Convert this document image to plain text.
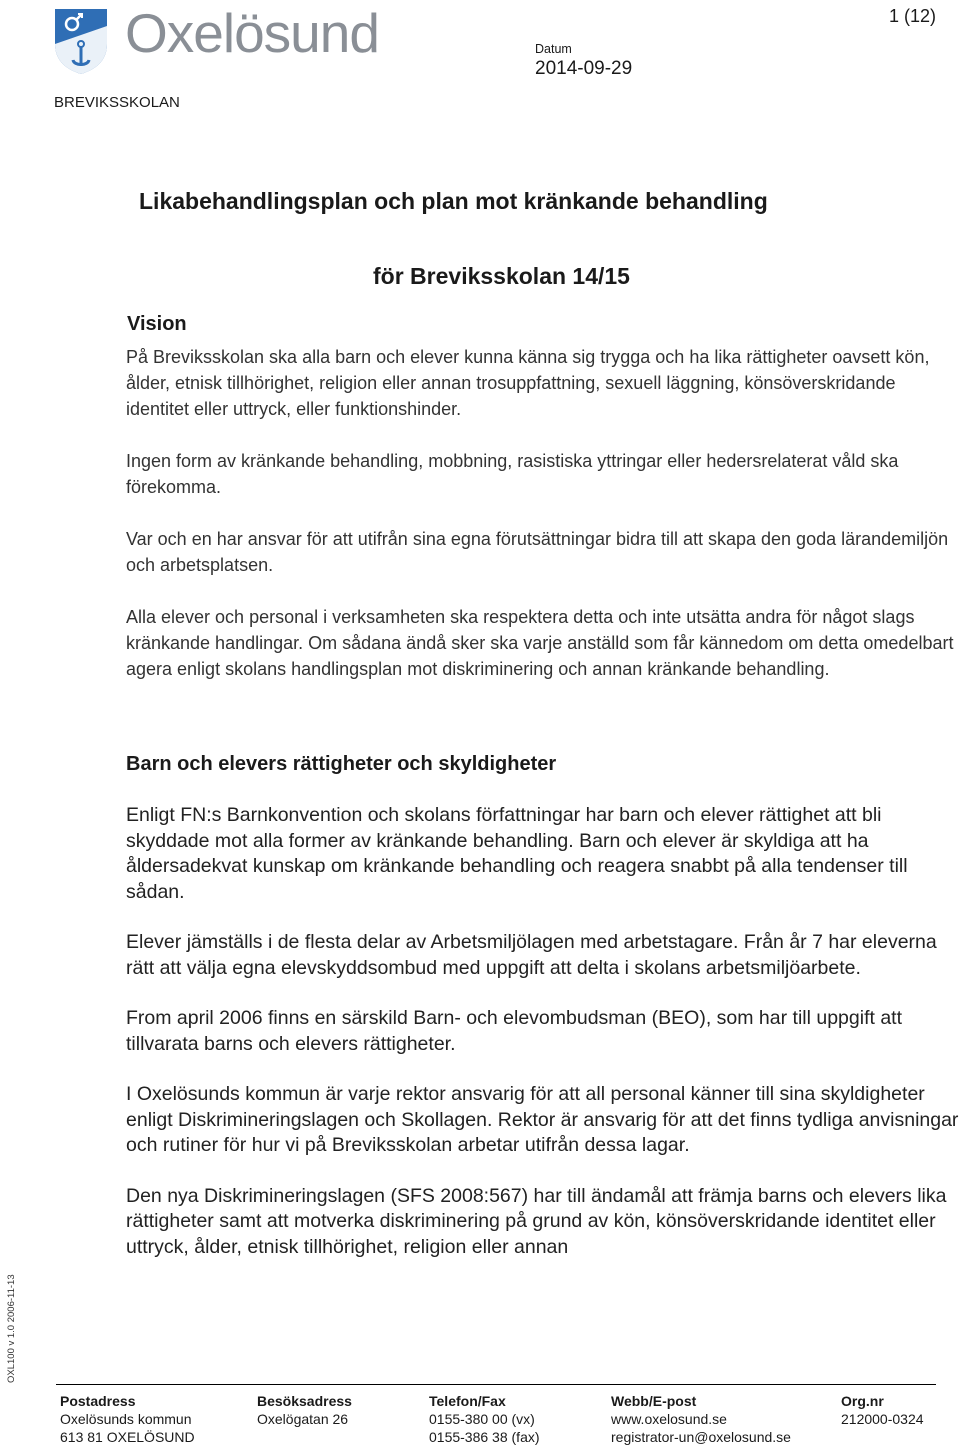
Oxelösund
BREVIKSSKOLAN
Datum
2014-09-29
1 (12)
Likabehandlingsplan och plan mot kränkande behandling
för Breviksskolan 14/15
Vision

På Breviksskolan ska alla barn och elever kunna känna sig trygga och ha lika rättigheter oavsett kön, ålder, etnisk tillhörighet, religion eller annan trosuppfattning, sexuell läggning, könsöverskridande identitet eller uttryck, eller funktionshinder.

Ingen form av kränkande behandling, mobbning, rasistiska yttringar eller hedersrelaterat våld ska förekomma.

Var och en har ansvar för att utifrån sina egna förutsättningar bidra till att skapa den goda lärandemiljön och arbetsplatsen.

Alla elever och personal i verksamheten ska respektera detta och inte utsätta andra för något slags kränkande handlingar. Om sådana ändå sker ska varje anställd som får kännedom om detta omedelbart agera enligt skolans handlingsplan mot diskriminering och annan kränkande behandling.

Barn och elevers rättigheter och skyldigheter

Enligt FN:s Barnkonvention och skolans författningar har barn och elever rättighet att bli skyddade mot alla former av kränkande behandling. Barn och elever är skyldiga att ha åldersadekvat kunskap om kränkande behandling och reagera snabbt på alla tendenser till sådan.

Elever jämställs i de flesta delar av Arbetsmiljölagen med arbetstagare. Från år 7 har eleverna rätt att välja egna elevskyddsombud med uppgift att delta i skolans arbetsmiljöarbete.

From april 2006 finns en särskild Barn- och elevombudsman (BEO), som har till uppgift att tillvarata barns och elevers rättigheter.

I Oxelösunds kommun är varje rektor ansvarig för att all personal känner till sina skyldigheter enligt Diskrimineringslagen och Skollagen. Rektor är ansvarig för att det finns tydliga anvisningar och rutiner för hur vi på Breviksskolan arbetar utifrån dessa lagar.

Den nya Diskrimineringslagen (SFS 2008:567) har till ändamål att främja barns och elevers lika rättigheter samt att motverka diskriminering på grund av kön, könsöverskridande identitet eller uttryck, ålder, etnisk tillhörighet, religion eller annan

OXL100 v 1.0 2006-11-13
Postadress
Oxelösunds kommun
613 81 OXELÖSUND
Besöksadress
Oxelögatan 26
Telefon/Fax
0155-380 00 (vx)
0155-386 38 (fax)
Webb/E-post
www.oxelosund.se
registrator-un@oxelosund.se
Org.nr
212000-0324
